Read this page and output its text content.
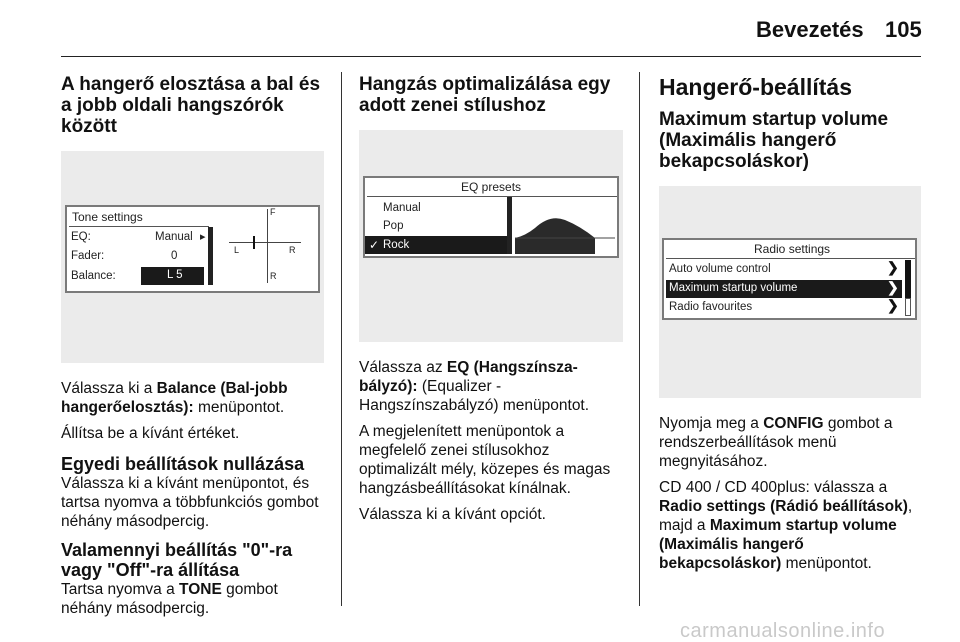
Bevezetés 105
A hangerő elosztása a bal és a jobb oldali hangszórók között
Tone settings
EQ:	Manual ▸
Fader:	0
Balance:	L 5
F
L	R
R

Válassza ki a Balance (Bal-jobb hangerőelosztás): menüpontot.

Állítsa be a kívánt értéket.

Egyedi beállítások nullázása

Válassza ki a kívánt menüpontot, és tartsa nyomva a többfunkciós gombot néhány másodpercig.

Valamennyi beállítás "0"-ra vagy "Off"-ra állítása

Tartsa nyomva a TONE gombot néhány másodpercig.

Hangzás optimalizálása egy adott zenei stílushoz
EQ presets
Manual
Pop
✓ Rock

Válassza az EQ (Hangszínsza-bályzó): (Equalizer - Hangszínszabályzó) menüpontot.

A megjelenített menüpontok a megfelelő zenei stílusokhoz optimalizált mély, közepes és magas hangzásbeállításokat kínálnak.

Válassza ki a kívánt opciót.

Hangerő-beállítás
Maximum startup volume (Maximális hangerő bekapcsoláskor)
Radio settings
Auto volume control	❯
Maximum startup volume	❯
Radio favourites	❯

Nyomja meg a CONFIG gombot a rendszerbeállítások menü megnyitásához.

CD 400 / CD 400plus: válassza a Radio settings (Rádió beállítások), majd a Maximum startup volume (Maximális hangerő bekapcsoláskor) menüpontot.

carmanualsonline.info
